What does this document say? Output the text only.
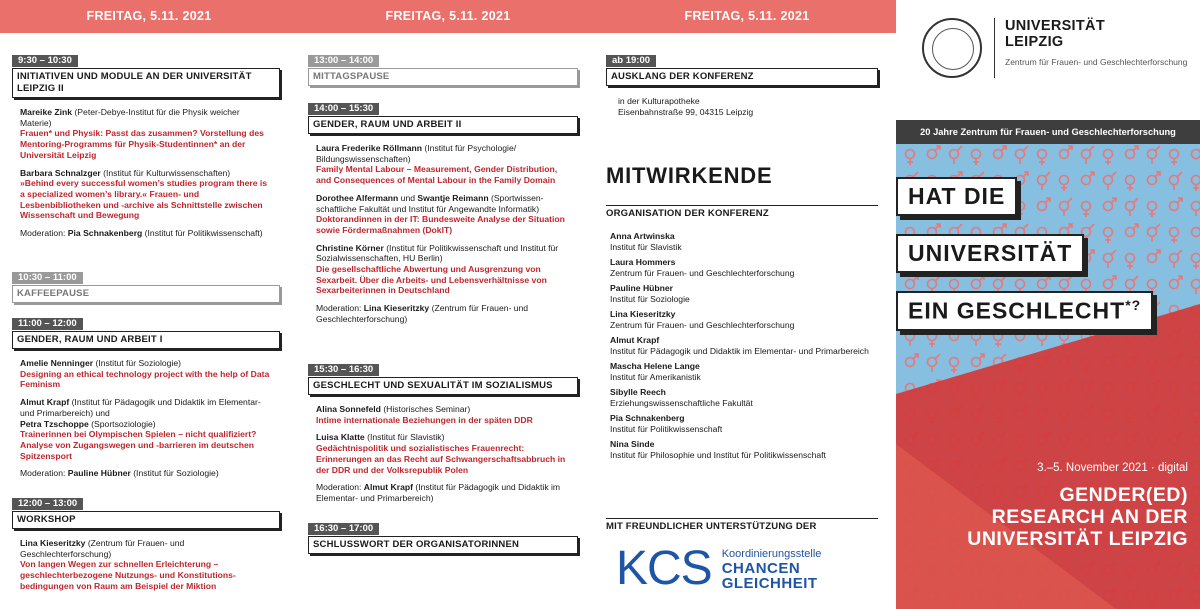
FREITAG, 5.11. 2021
9:30 – 10:30
INITIATIVEN UND MODULE AN DER UNIVERSITÄT LEIPZIG II
Mareike Zink (Peter-Debye-Institut für die Physik weicher Materie)
Frauen* und Physik: Passt das zusammen? Vorstellung des Mentoring-Programms für Physik-Studentinnen* an der Universität Leipzig
Barbara Schnalzger (Institut für Kulturwissenschaften)
»Behind every successful women’s studies program there is a specialized women’s library.« Frauen- und Lesbenbibliotheken und -archive als Schnittstelle zwischen Wissenschaft und Bewegung
Moderation: Pia Schnakenberg (Institut für Politikwissenschaft)
10:30 – 11:00
KAFFEEPAUSE
11:00 – 12:00
GENDER, RAUM UND ARBEIT I
Amelie Nenninger (Institut für Soziologie)
Designing an ethical technology project with the help of Data Feminism
Almut Krapf (Institut für Pädagogik und Didaktik im Elementar- und Primarbereich) und
Petra Tzschoppe (Sportsoziologie)
Trainerinnen bei Olympischen Spielen – nicht qualifiziert? Analyse von Zugangswegen und -barrieren im deutschen Spitzensport
Moderation: Pauline Hübner (Institut für Soziologie)
12:00 – 13:00
WORKSHOP
Lina Kieseritzky (Zentrum für Frauen- und Geschlechterforschung)
Von langen Wegen zur schnellen Erleichterung – geschlechterbezogene Nutzungs- und Konstitutionsbedingungen von Raum am Beispiel der Miktion
FREITAG, 5.11. 2021
13:00 – 14:00
MITTAGSPAUSE
14:00 – 15:30
GENDER, RAUM UND ARBEIT II
Laura Frederike Röllmann (Institut für Psychologie/ Bildungswissenschaften)
Family Mental Labour – Measurement, Gender Distribution, and Consequences of Mental Labour in the Family Domain
Dorothee Alfermann und Swantje Reimann (Sportwissenschaftliche Fakultät und Institut für Angewandte Informatik)
Doktorandinnen in der IT: Bundesweite Analyse der Situation sowie Fördermaßnahmen (DokIT)
Christine Körner (Institut für Politikwissenschaft und Institut für Sozialwissenschaften, HU Berlin)
Die gesellschaftliche Abwertung und Ausgrenzung von Sexarbeit. Über die Arbeits- und Lebensverhältnisse von Sexarbeiterinnen in Deutschland
Moderation: Lina Kieseritzky (Zentrum für Frauen- und Geschlechterforschung)
15:30 – 16:30
GESCHLECHT UND SEXUALITÄT IM SOZIALISMUS
Alina Sonnefeld (Historisches Seminar)
Intime internationale Beziehungen in der späten DDR
Luisa Klatte (Institut für Slavistik)
Gedächtnispolitik und sozialistisches Frauenrecht: Erinnerungen an das Recht auf Schwangerschaftsabbruch in der DDR und der Volksrepublik Polen
Moderation: Almut Krapf (Institut für Pädagogik und Didaktik im Elementar- und Primarbereich)
16:30 – 17:00
SCHLUSSWORT DER ORGANISATORINNEN
FREITAG, 5.11. 2021
ab 19:00
AUSKLANG DER KONFERENZ
in der Kulturapotheke
Eisenbahnstraße 99, 04315 Leipzig
MITWIRKENDE
ORGANISATION DER KONFERENZ
Anna Artwinska
Institut für Slavistik
Laura Hommers
Zentrum für Frauen- und Geschlechterforschung
Pauline Hübner
Institut für Soziologie
Lina Kieseritzky
Zentrum für Frauen- und Geschlechterforschung
Almut Krapf
Institut für Pädagogik und Didaktik im Elementar- und Primarbereich
Mascha Helene Lange
Institut für Amerikanistik
Sibylle Reech
Erziehungswissenschaftliche Fakultät
Pia Schnakenberg
Institut für Politikwissenschaft
Nina Sinde
Institut für Philosophie und Institut für Politikwissenschaft
MIT FREUNDLICHER UNTERSTÜTZUNG DER
KCS Koordinierungsstelle
CHANCEN
GLEICHHEIT
UNIVERSITÄT
LEIPZIG
Zentrum für Frauen- und Geschlechterforschung
20 Jahre Zentrum für Frauen- und Geschlechterforschung
HAT DIE
UNIVERSITÄT
EIN GESCHLECHT*?
3.–5. November 2021 · digital
GENDER(ED)
RESEARCH AN DER
UNIVERSITÄT LEIPZIG
